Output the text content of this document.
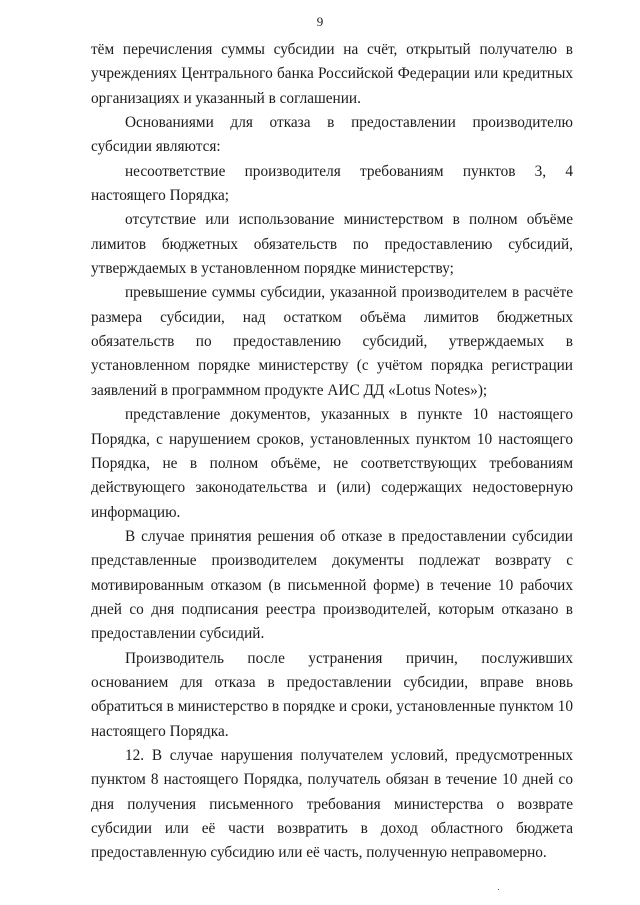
9

тём перечисления суммы субсидии на счёт, открытый получателю в учреждениях Центрального банка Российской Федерации или кредитных организациях и указанный в соглашении.

Основаниями для отказа в предоставлении производителю субсидии являются:

несоответствие производителя требованиям пунктов 3, 4 настоящего Порядка;

отсутствие или использование министерством в полном объёме лимитов бюджетных обязательств по предоставлению субсидий, утверждаемых в установленном порядке министерству;

превышение суммы субсидии, указанной производителем в расчёте размера субсидии, над остатком объёма лимитов бюджетных обязательств по предоставлению субсидий, утверждаемых в установленном порядке министерству (с учётом порядка регистрации заявлений в программном продукте АИС ДД «Lotus Notes»);

представление документов, указанных в пункте 10 настоящего Порядка, с нарушением сроков, установленных пунктом 10 настоящего Порядка, не в полном объёме, не соответствующих требованиям действующего законодательства и (или) содержащих недостоверную информацию.

В случае принятия решения об отказе в предоставлении субсидии представленные производителем документы подлежат возврату с мотивированным отказом (в письменной форме) в течение 10 рабочих дней со дня подписания реестра производителей, которым отказано в предоставлении субсидий.

Производитель после устранения причин, послуживших основанием для отказа в предоставлении субсидии, вправе вновь обратиться в министерство в порядке и сроки, установленные пунктом 10 настоящего Порядка.

12. В случае нарушения получателем условий, предусмотренных пунктом 8 настоящего Порядка, получатель обязан в течение 10 дней со дня получения письменного требования министерства о возврате субсидии или её части возвратить в доход областного бюджета предоставленную субсидию или её часть, полученную неправомерно.
